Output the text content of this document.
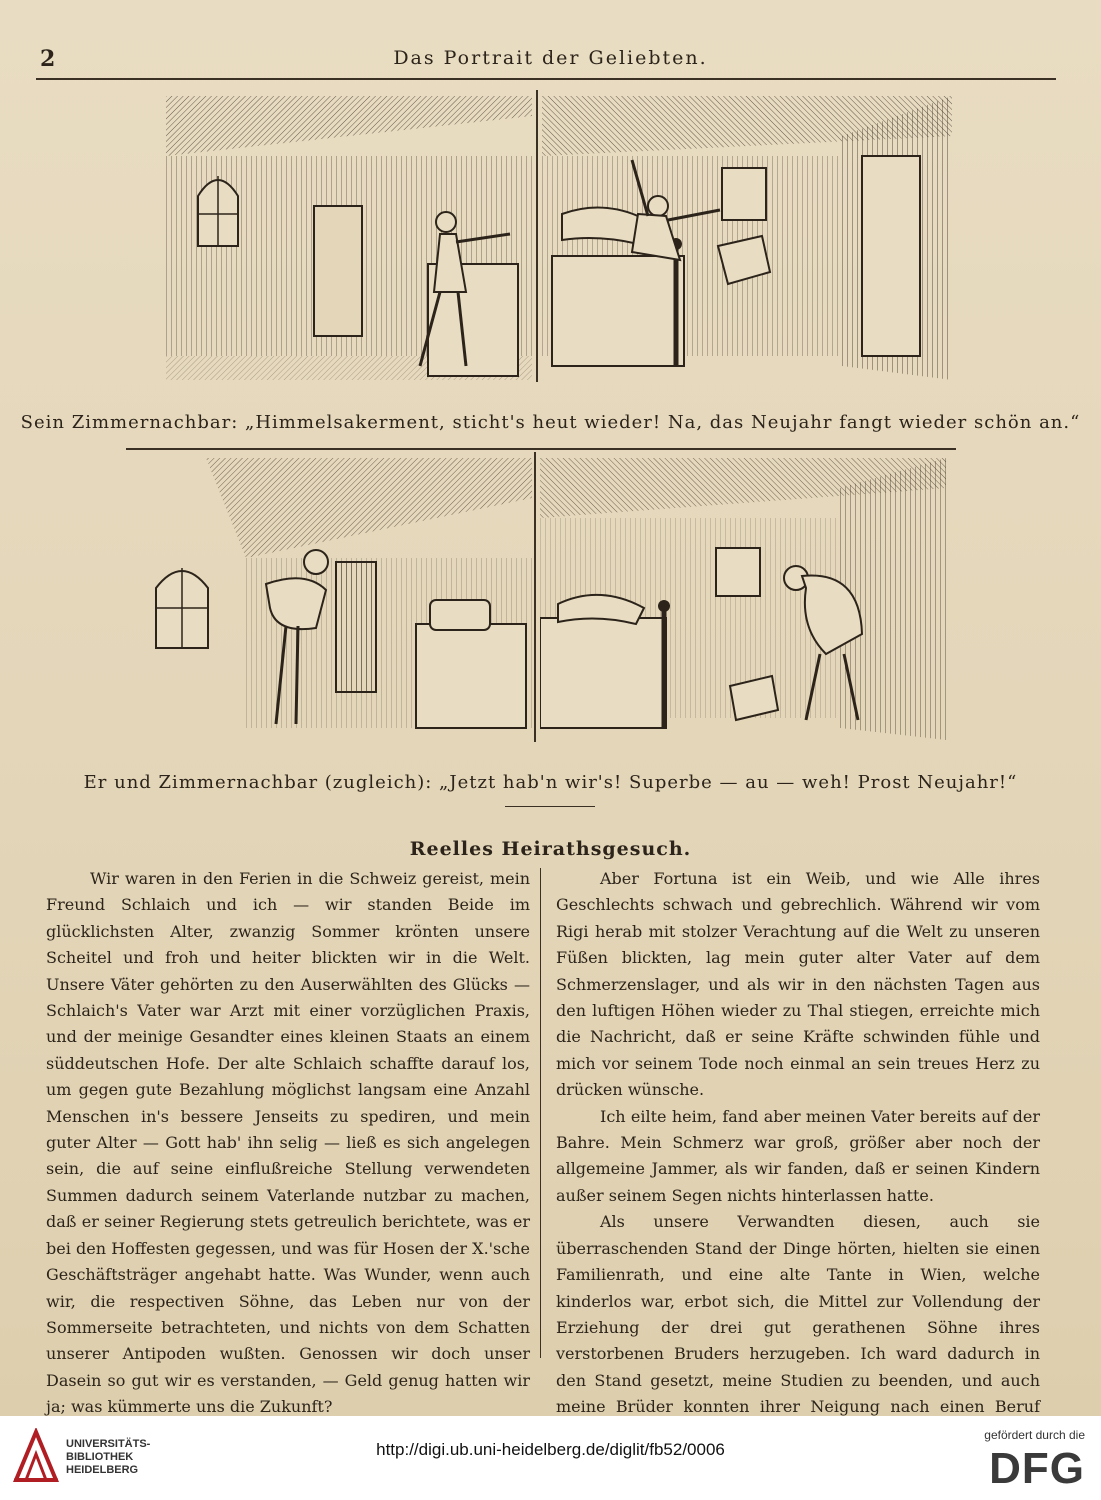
2	Das Portrait der Geliebten.
Sein Zimmernachbar: „Himmelsakerment, sticht's heut wieder! Na, das Neujahr fangt wieder schön an.“
Er und Zimmernachbar (zugleich): „Jetzt hab'n wir's! Superbe — au — weh! Prost Neujahr!“
Reelles Heirathsgesuch.

Wir waren in den Ferien in die Schweiz gereist, mein Freund Schlaich und ich — wir standen Beide im glücklichsten Alter, zwanzig Sommer krönten unsere Scheitel und froh und heiter blickten wir in die Welt. Unsere Väter gehörten zu den Auserwählten des Glücks — Schlaich's Vater war Arzt mit einer vorzüglichen Praxis, und der meinige Gesandter eines kleinen Staats an einem süddeutschen Hofe. Der alte Schlaich schaffte darauf los, um gegen gute Bezahlung möglichst langsam eine Anzahl Menschen in's bessere Jenseits zu spediren, und mein guter Alter — Gott hab' ihn selig — ließ es sich angelegen sein, die auf seine einflußreiche Stellung verwendeten Summen dadurch seinem Vaterlande nutzbar zu machen, daß er seiner Regierung stets getreulich berichtete, was er bei den Hoffesten gegessen, und was für Hosen der X.'sche Geschäftsträger angehabt hatte. Was Wunder, wenn auch wir, die respectiven Söhne, das Leben nur von der Sommerseite betrachteten, und nichts von dem Schatten unserer Antipoden wußten. Genossen wir doch unser Dasein so gut wir es verstanden, — Geld genug hatten wir ja; was kümmerte uns die Zukunft?

Aber Fortuna ist ein Weib, und wie Alle ihres Geschlechts schwach und gebrechlich. Während wir vom Rigi herab mit stolzer Verachtung auf die Welt zu unseren Füßen blickten, lag mein guter alter Vater auf dem Schmerzenslager, und als wir in den nächsten Tagen aus den luftigen Höhen wieder zu Thal stiegen, erreichte mich die Nachricht, daß er seine Kräfte schwinden fühle und mich vor seinem Tode noch einmal an sein treues Herz zu drücken wünsche.

Ich eilte heim, fand aber meinen Vater bereits auf der Bahre. Mein Schmerz war groß, größer aber noch der allgemeine Jammer, als wir fanden, daß er seinen Kindern außer seinem Segen nichts hinterlassen hatte.

Als unsere Verwandten diesen, auch sie überraschenden Stand der Dinge hörten, hielten sie einen Familienrath, und eine alte Tante in Wien, welche kinderlos war, erbot sich, die Mittel zur Vollendung der Erziehung der drei gut gerathenen Söhne ihres verstorbenen Bruders herzugeben. Ich ward dadurch in den Stand gesetzt, meine Studien zu beenden, und auch meine Brüder konnten ihrer Neigung nach einen Beruf

UNIVERSITÄTS-
BIBLIOTHEK
HEIDELBERG
http://digi.ub.uni-heidelberg.de/diglit/fb52/0006
gefördert durch die
DFG
